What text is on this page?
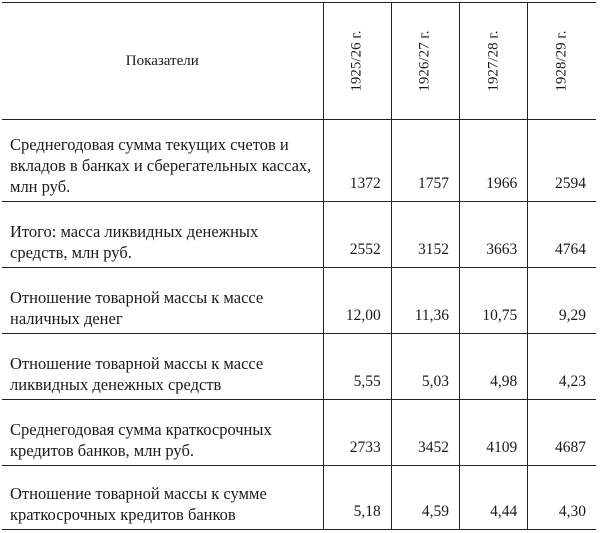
Показатели	1925/26 г.	1926/27 г.	1927/28 г.	1928/29 г.

Среднегодовая сумма текущих счетов и вкладов в банках и сберегательных кассах, млн руб.	1372	1757	1966	2594
Итого: масса ликвидных денежных средств, млн руб.	2552	3152	3663	4764
Отношение товарной массы к массе наличных денег	12,00	11,36	10,75	9,29
Отношение товарной массы к массе ликвидных денежных средств	5,55	5,03	4,98	4,23
Среднегодовая сумма краткосрочных кредитов банков, млн руб.	2733	3452	4109	4687
Отношение товарной массы к сумме краткосрочных кредитов банков	5,18	4,59	4,44	4,30
